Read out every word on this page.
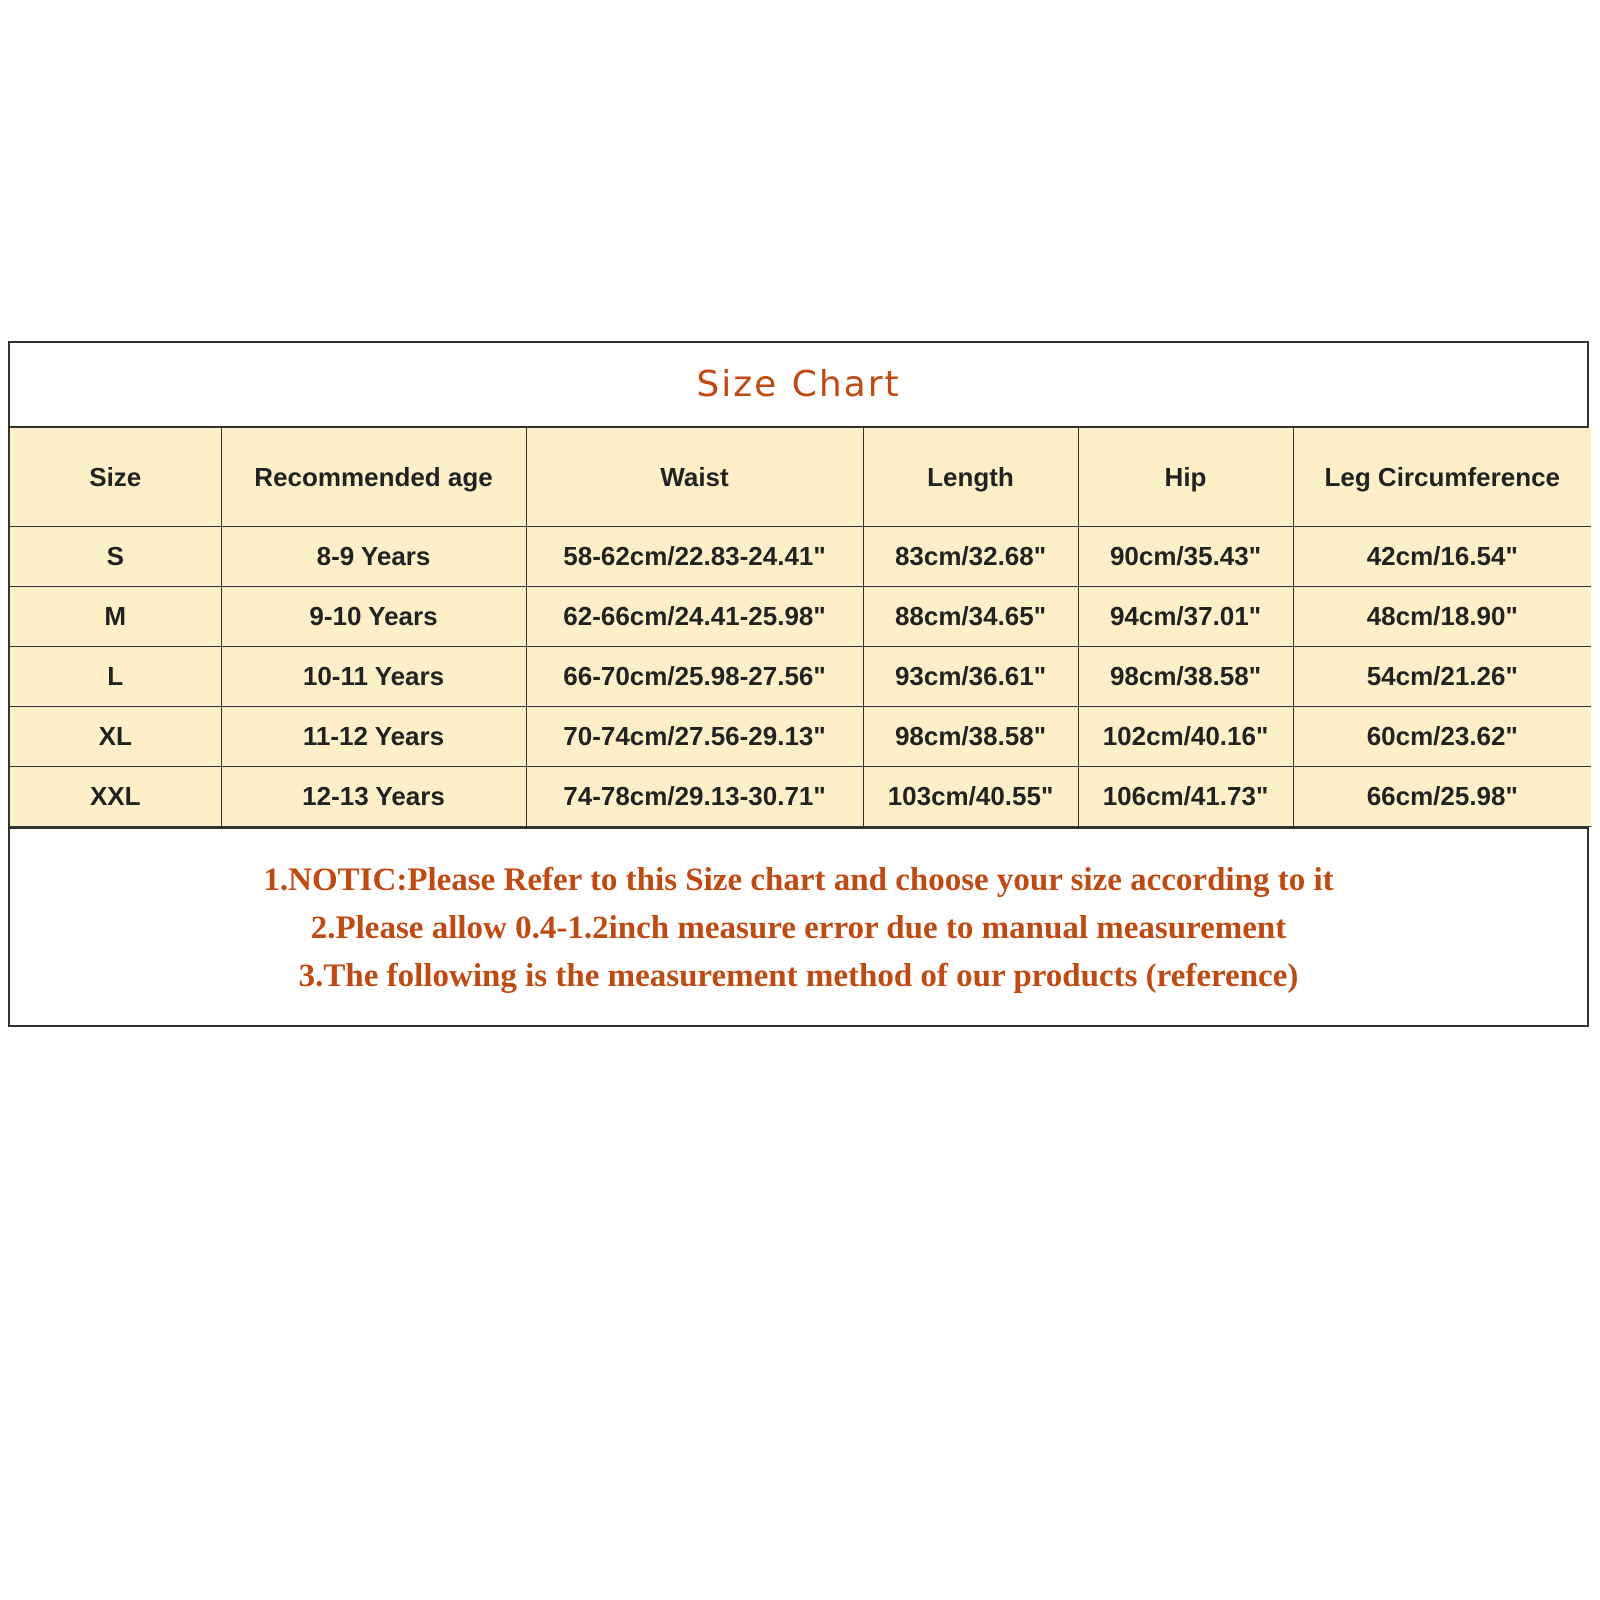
Size Chart
Size	Recommended age	Waist	Length	Hip	Leg Circumference
S	8-9 Years	58-62cm/22.83-24.41"	83cm/32.68"	90cm/35.43"	42cm/16.54"
M	9-10 Years	62-66cm/24.41-25.98"	88cm/34.65"	94cm/37.01"	48cm/18.90"
L	10-11 Years	66-70cm/25.98-27.56"	93cm/36.61"	98cm/38.58"	54cm/21.26"
XL	11-12 Years	70-74cm/27.56-29.13"	98cm/38.58"	102cm/40.16"	60cm/23.62"
XXL	12-13 Years	74-78cm/29.13-30.71"	103cm/40.55"	106cm/41.73"	66cm/25.98"
1.NOTIC:Please Refer to this Size chart and choose your size according to it
2.Please allow 0.4-1.2inch measure error due to manual measurement
3.The following is the measurement method of our products (reference)
